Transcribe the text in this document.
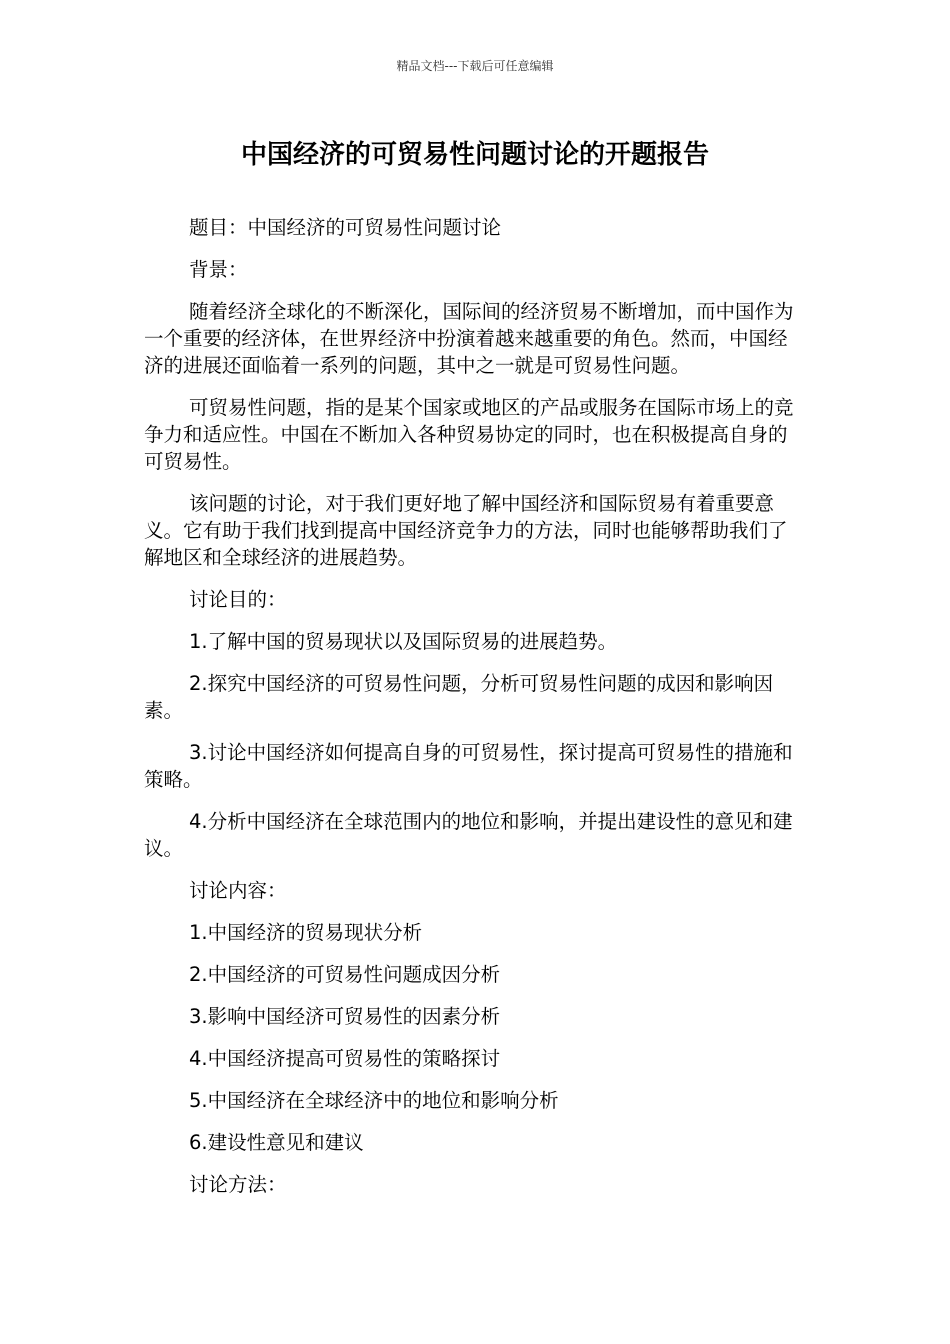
精品文档---下载后可任意编辑
中国经济的可贸易性问题讨论的开题报告

题目：中国经济的可贸易性问题讨论

背景：

随着经济全球化的不断深化，国际间的经济贸易不断增加，而中国作为一个重要的经济体，在世界经济中扮演着越来越重要的角色。然而，中国经济的进展还面临着一系列的问题，其中之一就是可贸易性问题。

可贸易性问题，指的是某个国家或地区的产品或服务在国际市场上的竞争力和适应性。中国在不断加入各种贸易协定的同时，也在积极提高自身的可贸易性。

该问题的讨论，对于我们更好地了解中国经济和国际贸易有着重要意义。它有助于我们找到提高中国经济竞争力的方法，同时也能够帮助我们了解地区和全球经济的进展趋势。

讨论目的：

1.了解中国的贸易现状以及国际贸易的进展趋势。

2.探究中国经济的可贸易性问题，分析可贸易性问题的成因和影响因素。

3.讨论中国经济如何提高自身的可贸易性，探讨提高可贸易性的措施和策略。

4.分析中国经济在全球范围内的地位和影响，并提出建设性的意见和建议。

讨论内容：

1.中国经济的贸易现状分析

2.中国经济的可贸易性问题成因分析

3.影响中国经济可贸易性的因素分析

4.中国经济提高可贸易性的策略探讨

5.中国经济在全球经济中的地位和影响分析

6.建设性意见和建议

讨论方法：
